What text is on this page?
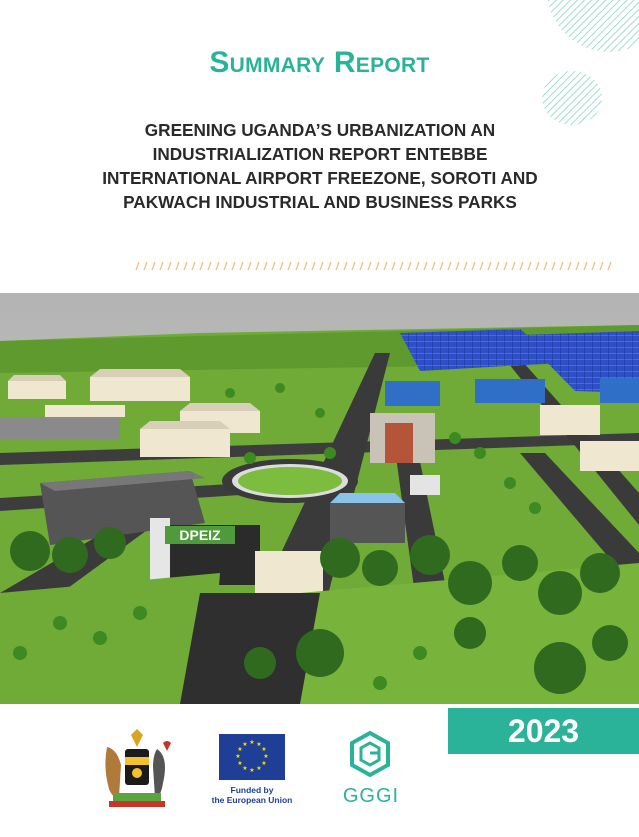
Summary Report
GREENING UGANDA’S URBANIZATION AN INDUSTRIALIZATION REPORT ENTEBBE INTERNATIONAL AIRPORT FREEZONE, SOROTI AND PAKWACH INDUSTRIAL AND BUSINESS PARKS
DPEIZ
2023
★ ★
★
★
★
★
★
★
★
★
★
★
Funded by
the European Union	GGGI
